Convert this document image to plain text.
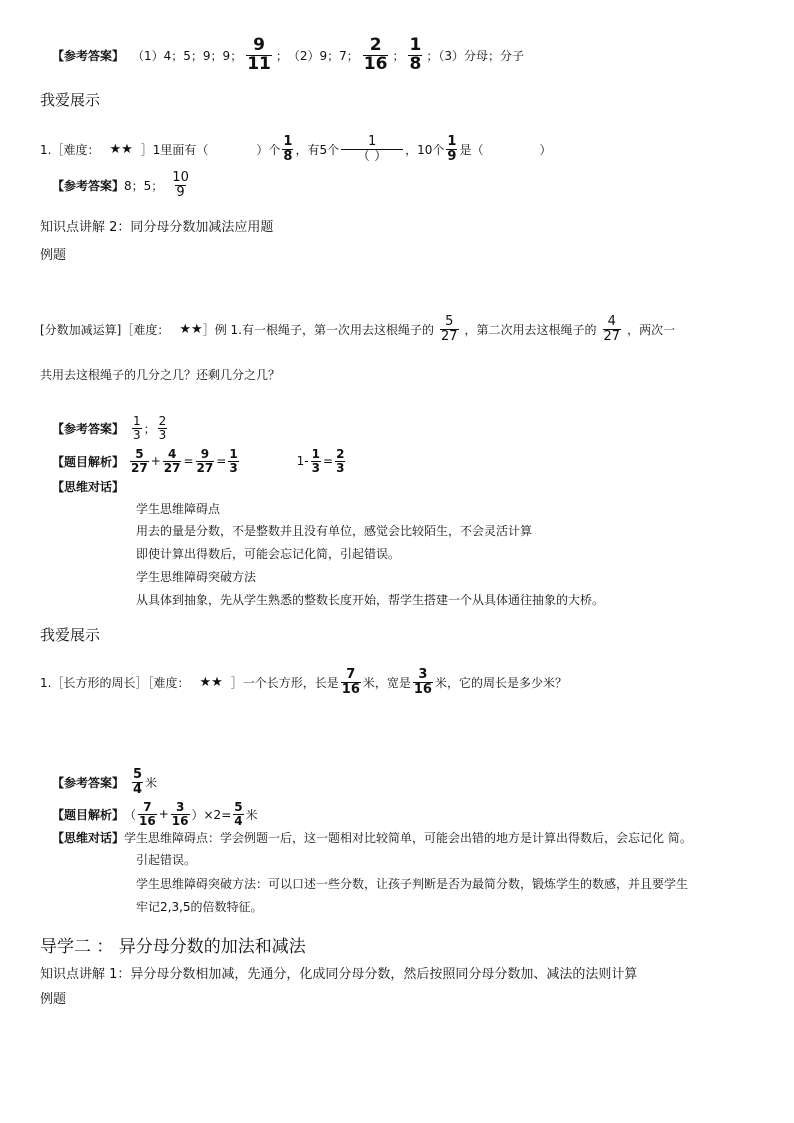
【参考答案】 （1）4；5；9；9； $\frac{9}{11}$ ； （2）9；7； $\frac{2}{16}$ ； $\frac{1}{8}$ ；（3）分母；分子
我爱展示
1.［难度： ★★ ］1里面有（	）个 $\frac{1}{8}$ ，有5个 $\frac{1}{( )}$ ，10个 $\frac{1}{9}$ 是（	）
【参考答案】 8；5； $\frac{10}{9}$
知识点讲解 2：同分母分数加减法应用题
例题
[分数加减运算]［难度： ★★ ］例 1.有一根绳子，第一次用去这根绳子的 $\frac{5}{27}$ ，第二次用去这根绳子的 $\frac{4}{27}$ ，两次一
共用去这根绳子的几分之几？还剩几分之几？
【参考答案】 $\frac{1}{3}$ ； $\frac{2}{3}$
【题目解析】 $\frac{5}{27} + \frac{4}{27} = \frac{9}{27} = \frac{1}{3}$	$1- \frac{1}{3} = \frac{2}{3}$
【思维对话】
学生思维障碍点
用去的量是分数，不是整数并且没有单位，感觉会比较陌生，不会灵活计算
即使计算出得数后，可能会忘记化简，引起错误。
学生思维障碍突破方法
从具体到抽象，先从学生熟悉的整数长度开始，帮学生搭建一个从具体通往抽象的大桥。
我爱展示
1.［长方形的周长］［难度： ★★ ］一个长方形，长是 $\frac{7}{16}$ 米，宽是 $\frac{3}{16}$ 米，它的周长是多少米？
【参考答案】 $\frac{5}{4}$ 米
【题目解析】 （ $\frac{7}{16} + \frac{3}{16} )\times 2= \frac{5}{4}$ 米
【思维对话】 学生思维障碍点：学会例题一后，这一题相对比较简单，可能会出错的地方是计算出得数后，会忘记化 简。
引起错误。
学生思维障碍突破方法：可以口述一些分数，让孩子判断是否为最简分数，锻炼学生的数感，并且要学生
牢记2,3,5的倍数特征。
导学二 ： 异分母分数的加法和减法
知识点讲解 1：异分母分数相加减，先通分，化成同分母分数，然后按照同分母分数加、减法的法则计算
例题
